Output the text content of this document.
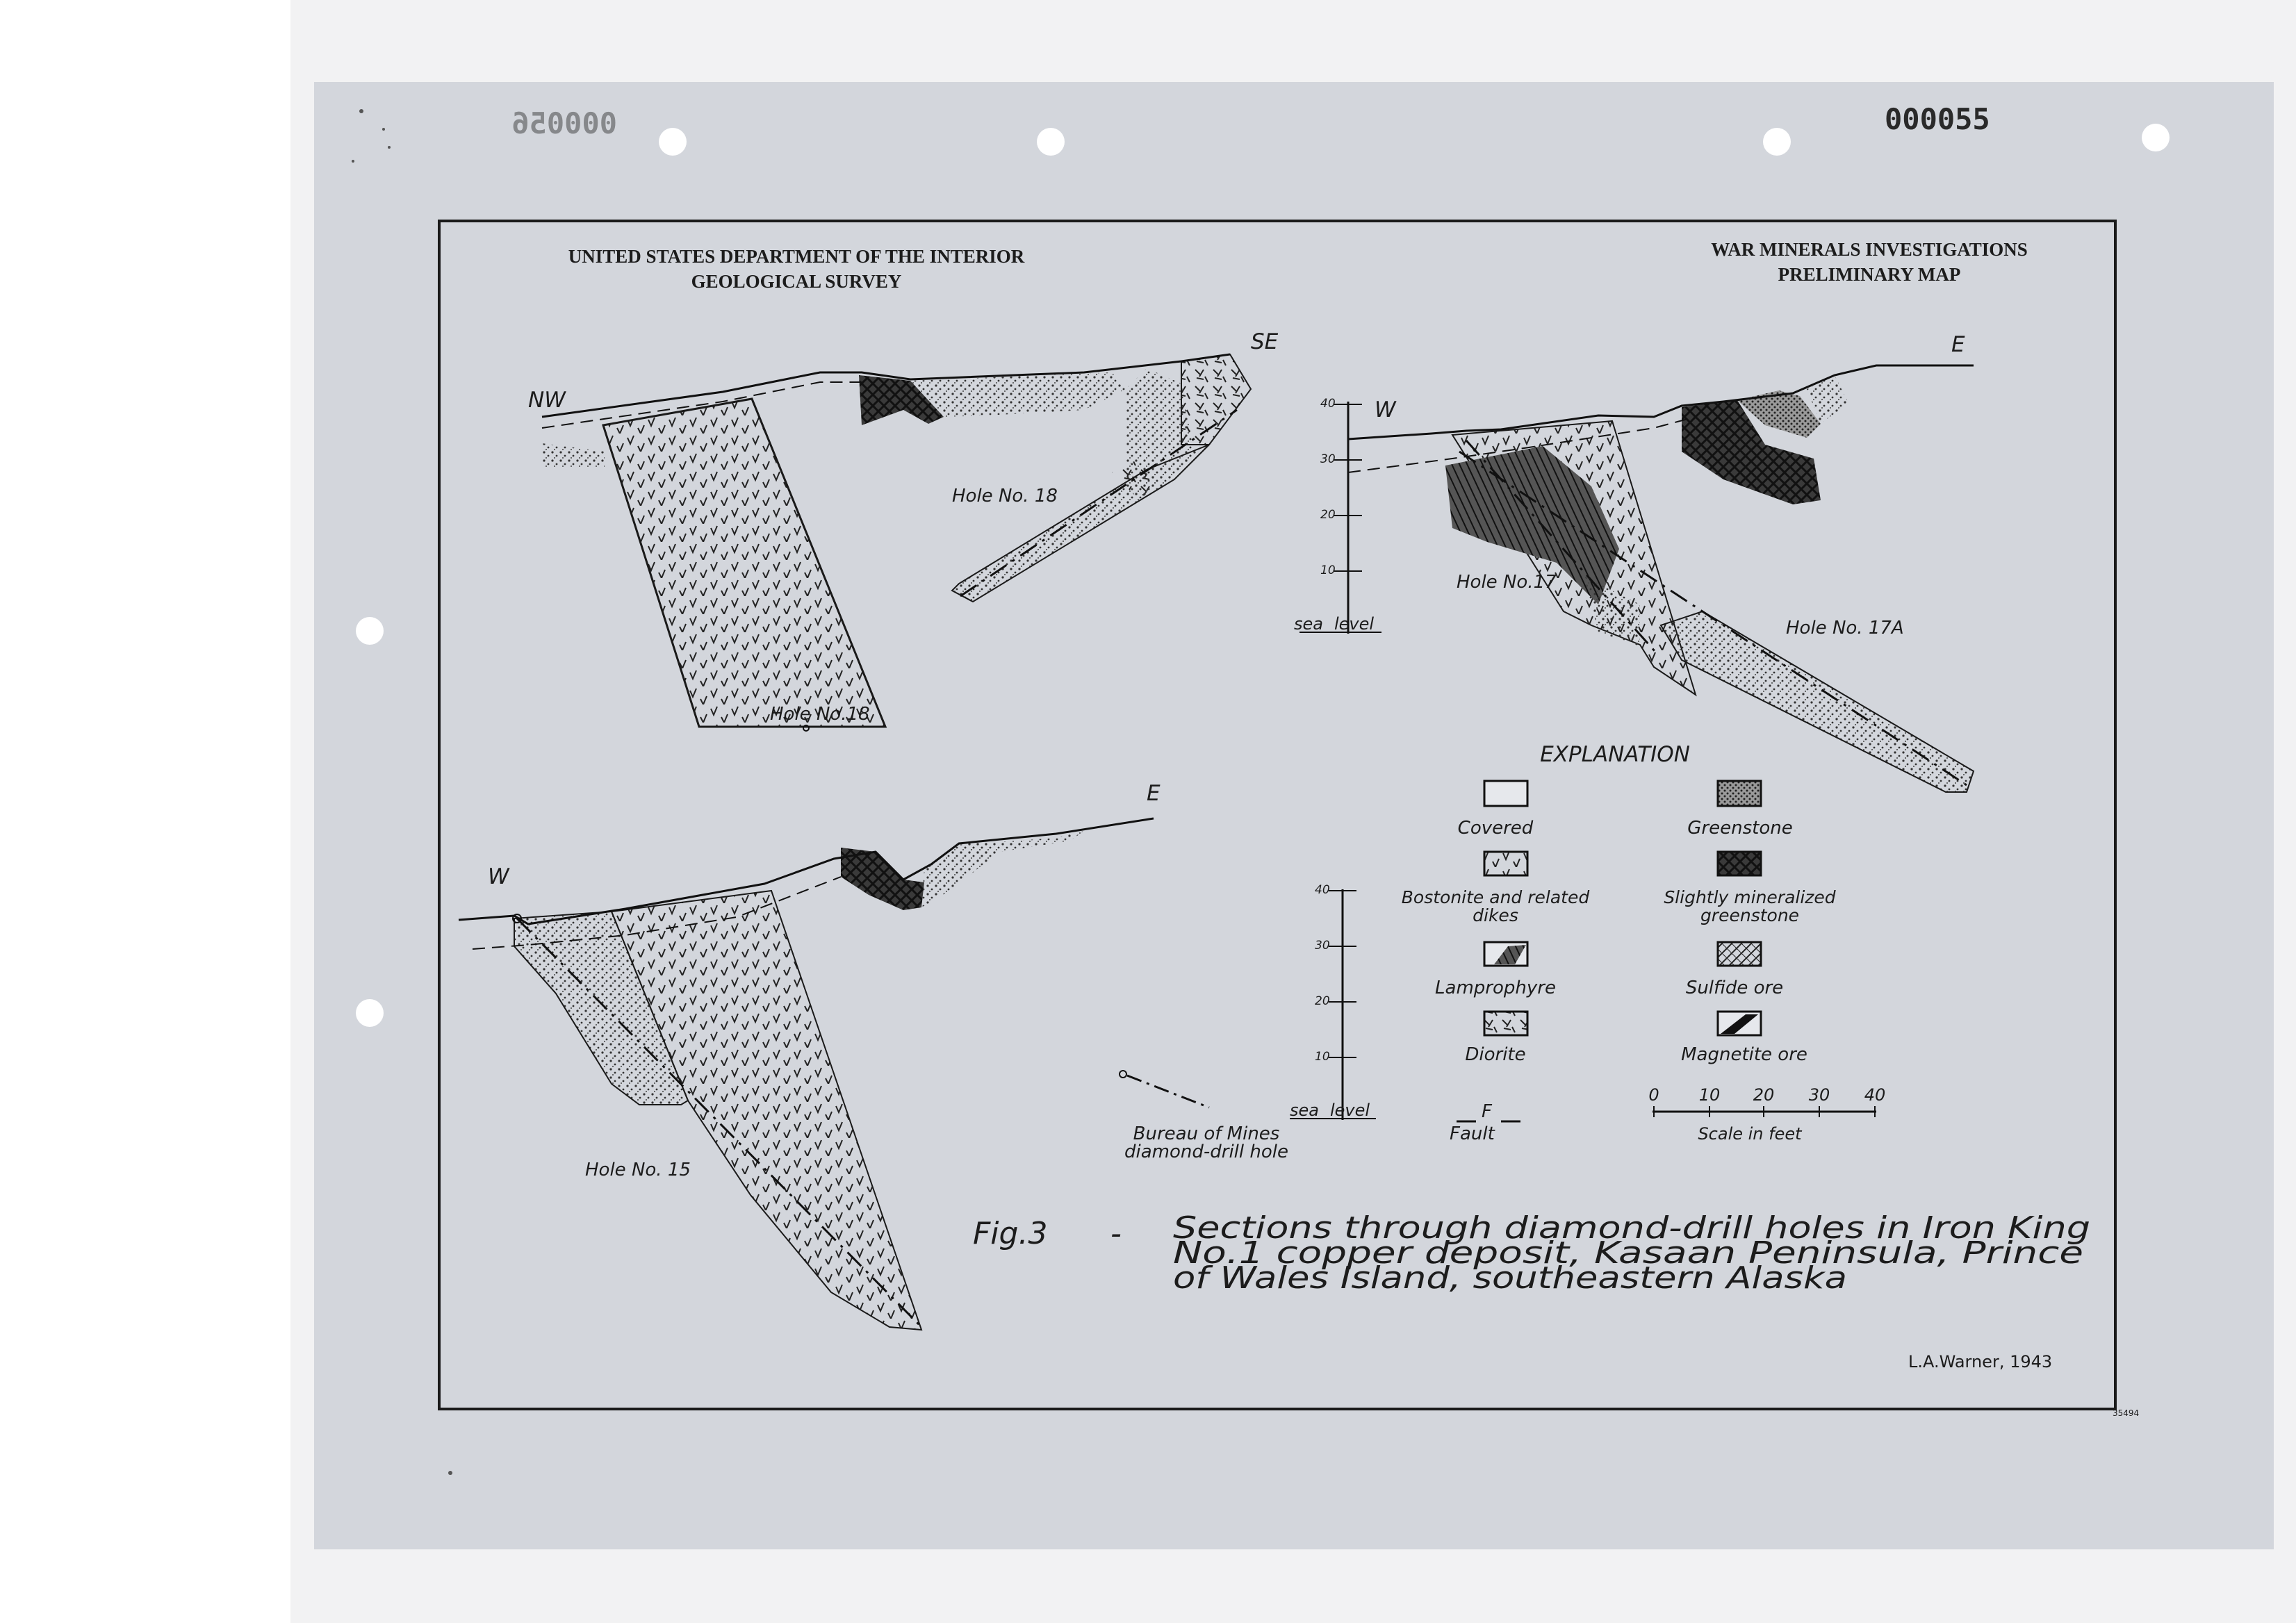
000055
000056
UNITED STATES DEPARTMENT OF THE INTERIOR
GEOLOGICAL SURVEY
WAR MINERALS INVESTIGATIONS
PRELIMINARY MAP
NW
SE
Hole No. 18
Hole No.18
W
E
Hole No.17
Hole No. 17A
40
30
20
10
sea level
W
E
Hole No. 15
40
30
20
10
sea level
EXPLANATION
Covered	Greenstone
Bostonite and related
dikes
Slightly mineralized
greenstone
Lamprophyre	Sulfide ore
Diorite	Magnetite ore
F
Fault
Bureau of Mines
diamond-drill hole
0 10 20 30 40
Scale in feet
Fig.3 - Sections through diamond-drill holes in Iron King
No.1 copper deposit, Kasaan Peninsula, Prince
of Wales Island, southeastern Alaska
L.A.Warner, 1943
35494
